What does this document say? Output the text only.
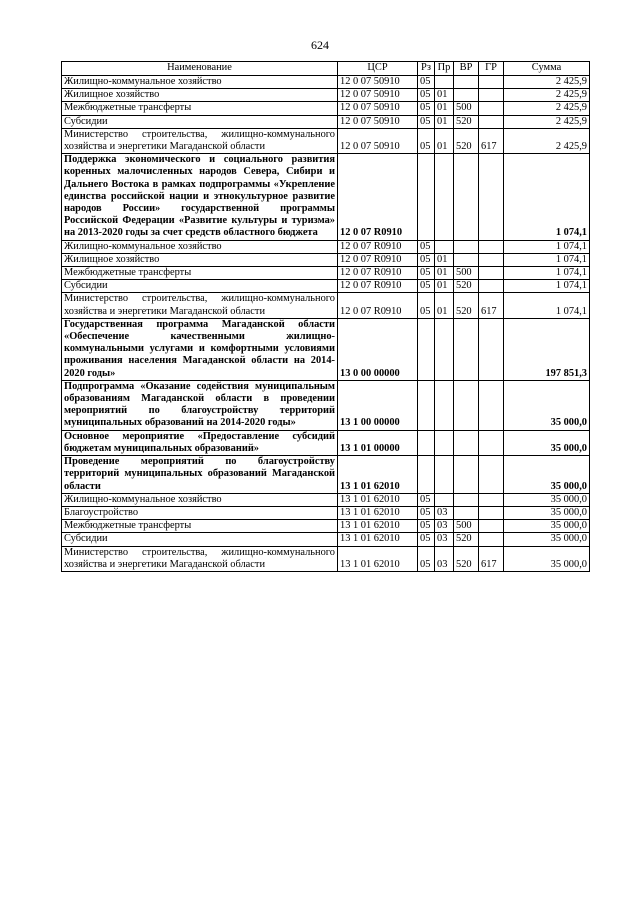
624
Наименование	ЦСР	Рз	Пр	ВР	ГР	Сумма
Жилищно-коммунальное хозяйство	12 0 07 50910	05				2 425,9
Жилищное хозяйство	12 0 07 50910	05	01			2 425,9
Межбюджетные трансферты	12 0 07 50910	05	01	500		2 425,9
Субсидии	12 0 07 50910	05	01	520		2 425,9
Министерство строительства, жилищно-коммунального хозяйства и энергетики Магаданской области	12 0 07 50910	05	01	520	617	2 425,9
Поддержка экономического и социального развития коренных малочисленных народов Севера, Сибири и Дальнего Востока в рамках подпрограммы «Укрепление единства российской нации и этнокультурное развитие народов России» государственной программы Российской Федерации «Развитие культуры и туризма» на 2013-2020 годы за счет средств областного бюджета	12 0 07 R0910					1 074,1
Жилищно-коммунальное хозяйство	12 0 07 R0910	05				1 074,1
Жилищное хозяйство	12 0 07 R0910	05	01			1 074,1
Межбюджетные трансферты	12 0 07 R0910	05	01	500		1 074,1
Субсидии	12 0 07 R0910	05	01	520		1 074,1
Министерство строительства, жилищно-коммунального хозяйства и энергетики Магаданской области	12 0 07 R0910	05	01	520	617	1 074,1
Государственная программа Магаданской области «Обеспечение качественными жилищно-коммунальными услугами и комфортными условиями проживания населения Магаданской области на 2014-2020 годы»	13 0 00 00000					197 851,3
Подпрограмма «Оказание содействия муниципальным образованиям Магаданской области в проведении мероприятий по благоустройству территорий муниципальных образований на 2014-2020 годы»	13 1 00 00000					35 000,0
Основное мероприятие «Предоставление субсидий бюджетам муниципальных образований»	13 1 01 00000					35 000,0
Проведение мероприятий по благоустройству территорий муниципальных образований Магаданской области	13 1 01 62010					35 000,0
Жилищно-коммунальное хозяйство	13 1 01 62010	05				35 000,0
Благоустройство	13 1 01 62010	05	03			35 000,0
Межбюджетные трансферты	13 1 01 62010	05	03	500		35 000,0
Субсидии	13 1 01 62010	05	03	520		35 000,0
Министерство строительства, жилищно-коммунального хозяйства и энергетики Магаданской области	13 1 01 62010	05	03	520	617	35 000,0
